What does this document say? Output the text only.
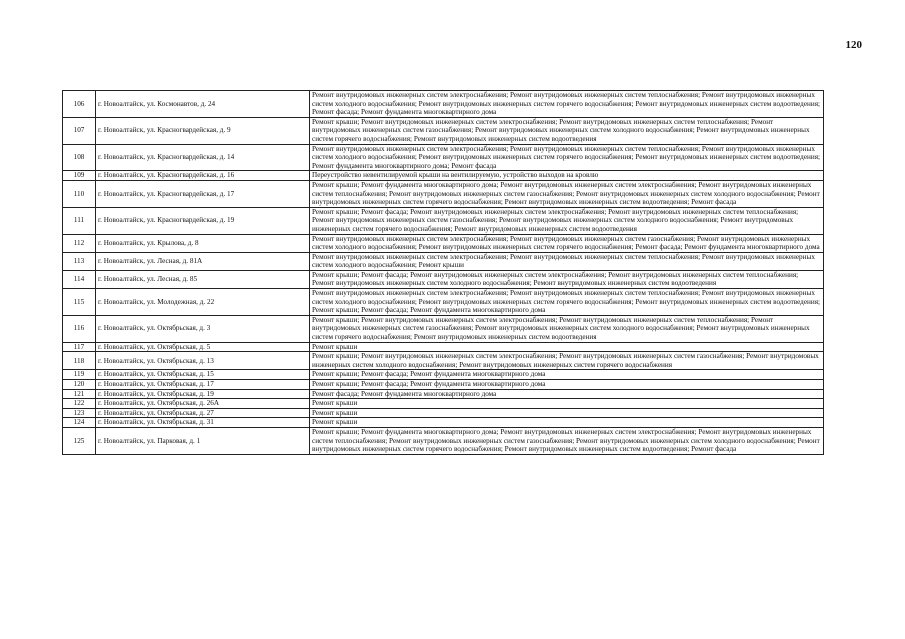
120
106	г. Новоалтайск, ул. Космонавтов, д. 24	Ремонт внутридомовых инженерных систем электроснабжения; Ремонт внутридомовых инженерных систем теплоснабжения; Ремонт внутридомовых инженерных систем холодного водоснабжения; Ремонт внутридомовых инженерных систем горячего водоснабжения; Ремонт внутридомовых инженерных систем водоотведения; Ремонт фасада; Ремонт фундамента многоквартирного дома
107	г. Новоалтайск, ул. Красногвардейская, д. 9	Ремонт крыши; Ремонт внутридомовых инженерных систем электроснабжения; Ремонт внутридомовых инженерных систем теплоснабжения; Ремонт внутридомовых инженерных систем газоснабжения; Ремонт внутридомовых инженерных систем холодного водоснабжения; Ремонт внутридомовых инженерных систем горячего водоснабжения; Ремонт внутридомовых инженерных систем водоотведения
108	г. Новоалтайск, ул. Красногвардейская, д. 14	Ремонт внутридомовых инженерных систем электроснабжения; Ремонт внутридомовых инженерных систем теплоснабжения; Ремонт внутридомовых инженерных систем холодного водоснабжения; Ремонт внутридомовых инженерных систем горячего водоснабжения; Ремонт внутридомовых инженерных систем водоотведения; Ремонт фундамента многоквартирного дома; Ремонт фасада
109	г. Новоалтайск, ул. Красногвардейская, д. 16	Переустройство невентилируемой крыши на вентилируемую, устройство выходов на кровлю
110	г. Новоалтайск, ул. Красногвардейская, д. 17	Ремонт крыши; Ремонт фундамента многоквартирного дома; Ремонт внутридомовых инженерных систем электроснабжения; Ремонт внутридомовых инженерных систем теплоснабжения; Ремонт внутридомовых инженерных систем газоснабжения; Ремонт внутридомовых инженерных систем холодного водоснабжения; Ремонт внутридомовых инженерных систем горячего водоснабжения; Ремонт внутридомовых инженерных систем водоотведения; Ремонт фасада
111	г. Новоалтайск, ул. Красногвардейская, д. 19	Ремонт крыши; Ремонт фасада; Ремонт внутридомовых инженерных систем электроснабжения; Ремонт внутридомовых инженерных систем теплоснабжения; Ремонт внутридомовых инженерных систем газоснабжения; Ремонт внутридомовых инженерных систем холодного водоснабжения; Ремонт внутридомовых инженерных систем горячего водоснабжения; Ремонт внутридомовых инженерных систем водоотведения
112	г. Новоалтайск, ул. Крылова, д. 8	Ремонт внутридомовых инженерных систем электроснабжения; Ремонт внутридомовых инженерных систем газоснабжения; Ремонт внутридомовых инженерных систем холодного водоснабжения; Ремонт внутридомовых инженерных систем горячего водоснабжения; Ремонт фасада; Ремонт фундамента многоквартирного дома
113	г. Новоалтайск, ул. Лесная, д. 81А	Ремонт внутридомовых инженерных систем электроснабжения; Ремонт внутридомовых инженерных систем теплоснабжения; Ремонт внутридомовых инженерных систем холодного водоснабжения; Ремонт крыши
114	г. Новоалтайск, ул. Лесная, д. 85	Ремонт крыши; Ремонт фасада; Ремонт внутридомовых инженерных систем электроснабжения; Ремонт внутридомовых инженерных систем теплоснабжения; Ремонт внутридомовых инженерных систем холодного водоснабжения; Ремонт внутридомовых инженерных систем водоотведения
115	г. Новоалтайск, ул. Молодежная, д. 22	Ремонт внутридомовых инженерных систем электроснабжения; Ремонт внутридомовых инженерных систем теплоснабжения; Ремонт внутридомовых инженерных систем холодного водоснабжения; Ремонт внутридомовых инженерных систем горячего водоснабжения; Ремонт внутридомовых инженерных систем водоотведения; Ремонт крыши; Ремонт фасада; Ремонт фундамента многоквартирного дома
116	г. Новоалтайск, ул. Октябрьская, д. 3	Ремонт крыши; Ремонт внутридомовых инженерных систем электроснабжения; Ремонт внутридомовых инженерных систем теплоснабжения; Ремонт внутридомовых инженерных систем газоснабжения; Ремонт внутридомовых инженерных систем холодного водоснабжения; Ремонт внутридомовых инженерных систем горячего водоснабжения; Ремонт внутридомовых инженерных систем водоотведения
117	г. Новоалтайск, ул. Октябрьская, д. 5	Ремонт крыши
118	г. Новоалтайск, ул. Октябрьская, д. 13	Ремонт крыши; Ремонт внутридомовых инженерных систем электроснабжения; Ремонт внутридомовых инженерных систем газоснабжения; Ремонт внутридомовых инженерных систем холодного водоснабжения; Ремонт внутридомовых инженерных систем горячего водоснабжения
119	г. Новоалтайск, ул. Октябрьская, д. 15	Ремонт крыши; Ремонт фасада; Ремонт фундамента многоквартирного дома
120	г. Новоалтайск, ул. Октябрьская, д. 17	Ремонт крыши; Ремонт фасада; Ремонт фундамента многоквартирного дома
121	г. Новоалтайск, ул. Октябрьская, д. 19	Ремонт фасада; Ремонт фундамента многоквартирного дома
122	г. Новоалтайск, ул. Октябрьская, д. 26А	Ремонт крыши
123	г. Новоалтайск, ул. Октябрьская, д. 27	Ремонт крыши
124	г. Новоалтайск, ул. Октябрьская, д. 31	Ремонт крыши
125	г. Новоалтайск, ул. Парковая, д. 1	Ремонт крыши; Ремонт фундамента многоквартирного дома; Ремонт внутридомовых инженерных систем электроснабжения; Ремонт внутридомовых инженерных систем теплоснабжения; Ремонт внутридомовых инженерных систем газоснабжения; Ремонт внутридомовых инженерных систем холодного водоснабжения; Ремонт внутридомовых инженерных систем горячего водоснабжения; Ремонт внутридомовых инженерных систем водоотведения; Ремонт фасада
